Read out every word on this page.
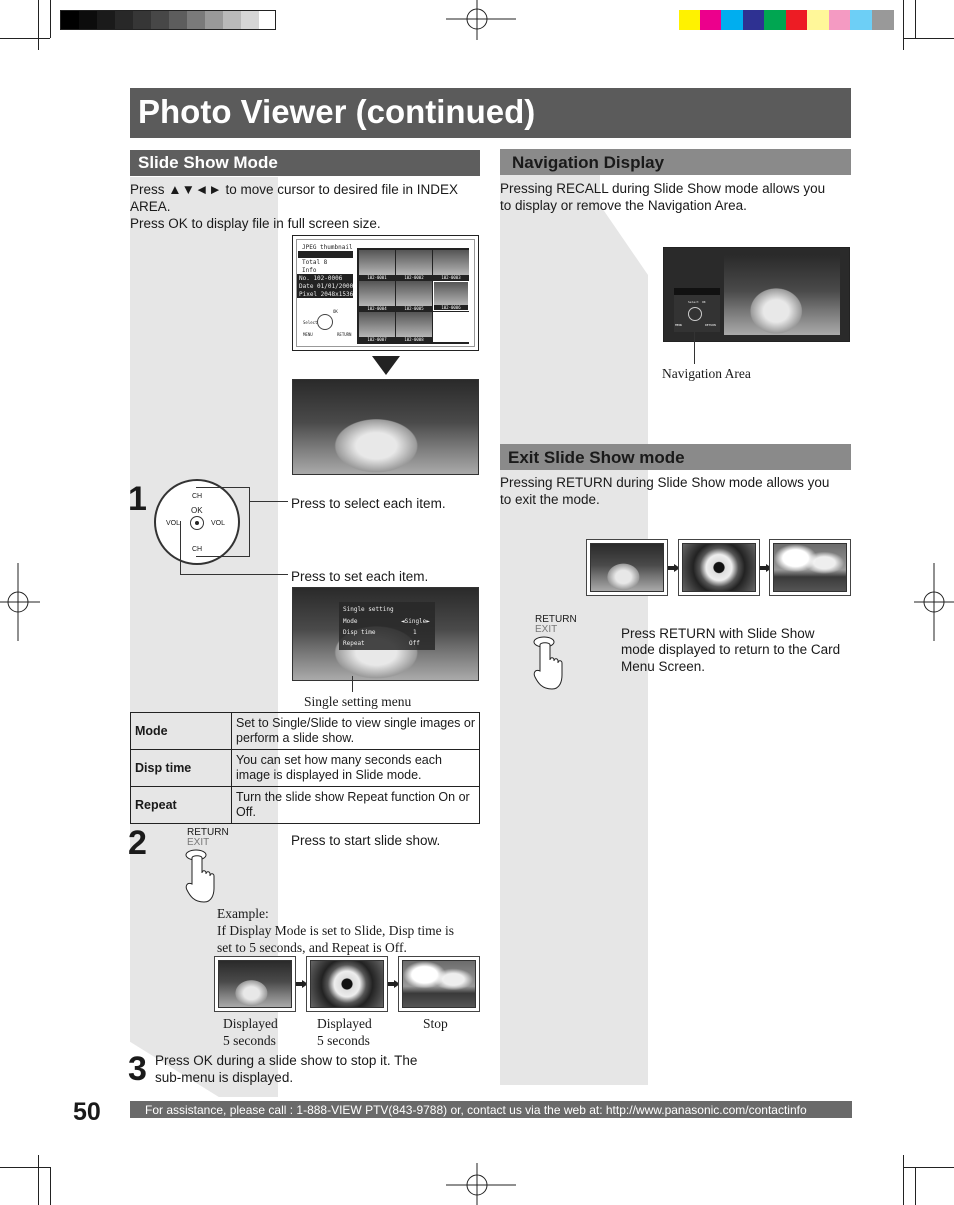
Photo Viewer (continued)
Slide Show Mode
Press ▲▼◄► to move cursor to desired file in INDEX AREA.
Press OK to display file in full screen size.
JPEG thumbnail
Total 8
Info
No. 102-0006
Date 01/01/2000
Pixel 2048x1536
Select
OK
MENU	RETURN
102-0001	102-0002	102-0003
102-0004	102-0005	102-0006
102-0007	102-0008
1	CH
OK
VOL	VOL
CH
Press to select each item.
Press to set each item.
Single setting
Mode	◄Single►
Disp time	1
Repeat	Off
Single setting menu
Mode	Set to Single/Slide to view single images or perform a slide show.
Disp time	You can set how many seconds each image is displayed in Slide mode.
Repeat	Turn the slide show Repeat function On or Off.
2	RETURN
EXIT	Press to start slide show.
Example:
If Display Mode is set to Slide, Disp time is
set to 5 seconds, and Repeat is Off.
Displayed
5 seconds
Displayed
5 seconds
Stop
3 Press OK during a slide show to stop it. The
sub-menu is displayed.
Navigation Display
Pressing RECALL during Slide Show mode allows you
to display or remove the Navigation Area.
Select OK
MENU	RETURN
Navigation Area
Exit Slide Show mode
Pressing RETURN during Slide Show mode allows you
to exit the mode.
RETURN
EXIT	Press RETURN with Slide Show
mode displayed to return to the Card
Menu Screen.
50	For assistance, please call : 1-888-VIEW PTV(843-9788) or, contact us via the web at: http://www.panasonic.com/contactinfo
